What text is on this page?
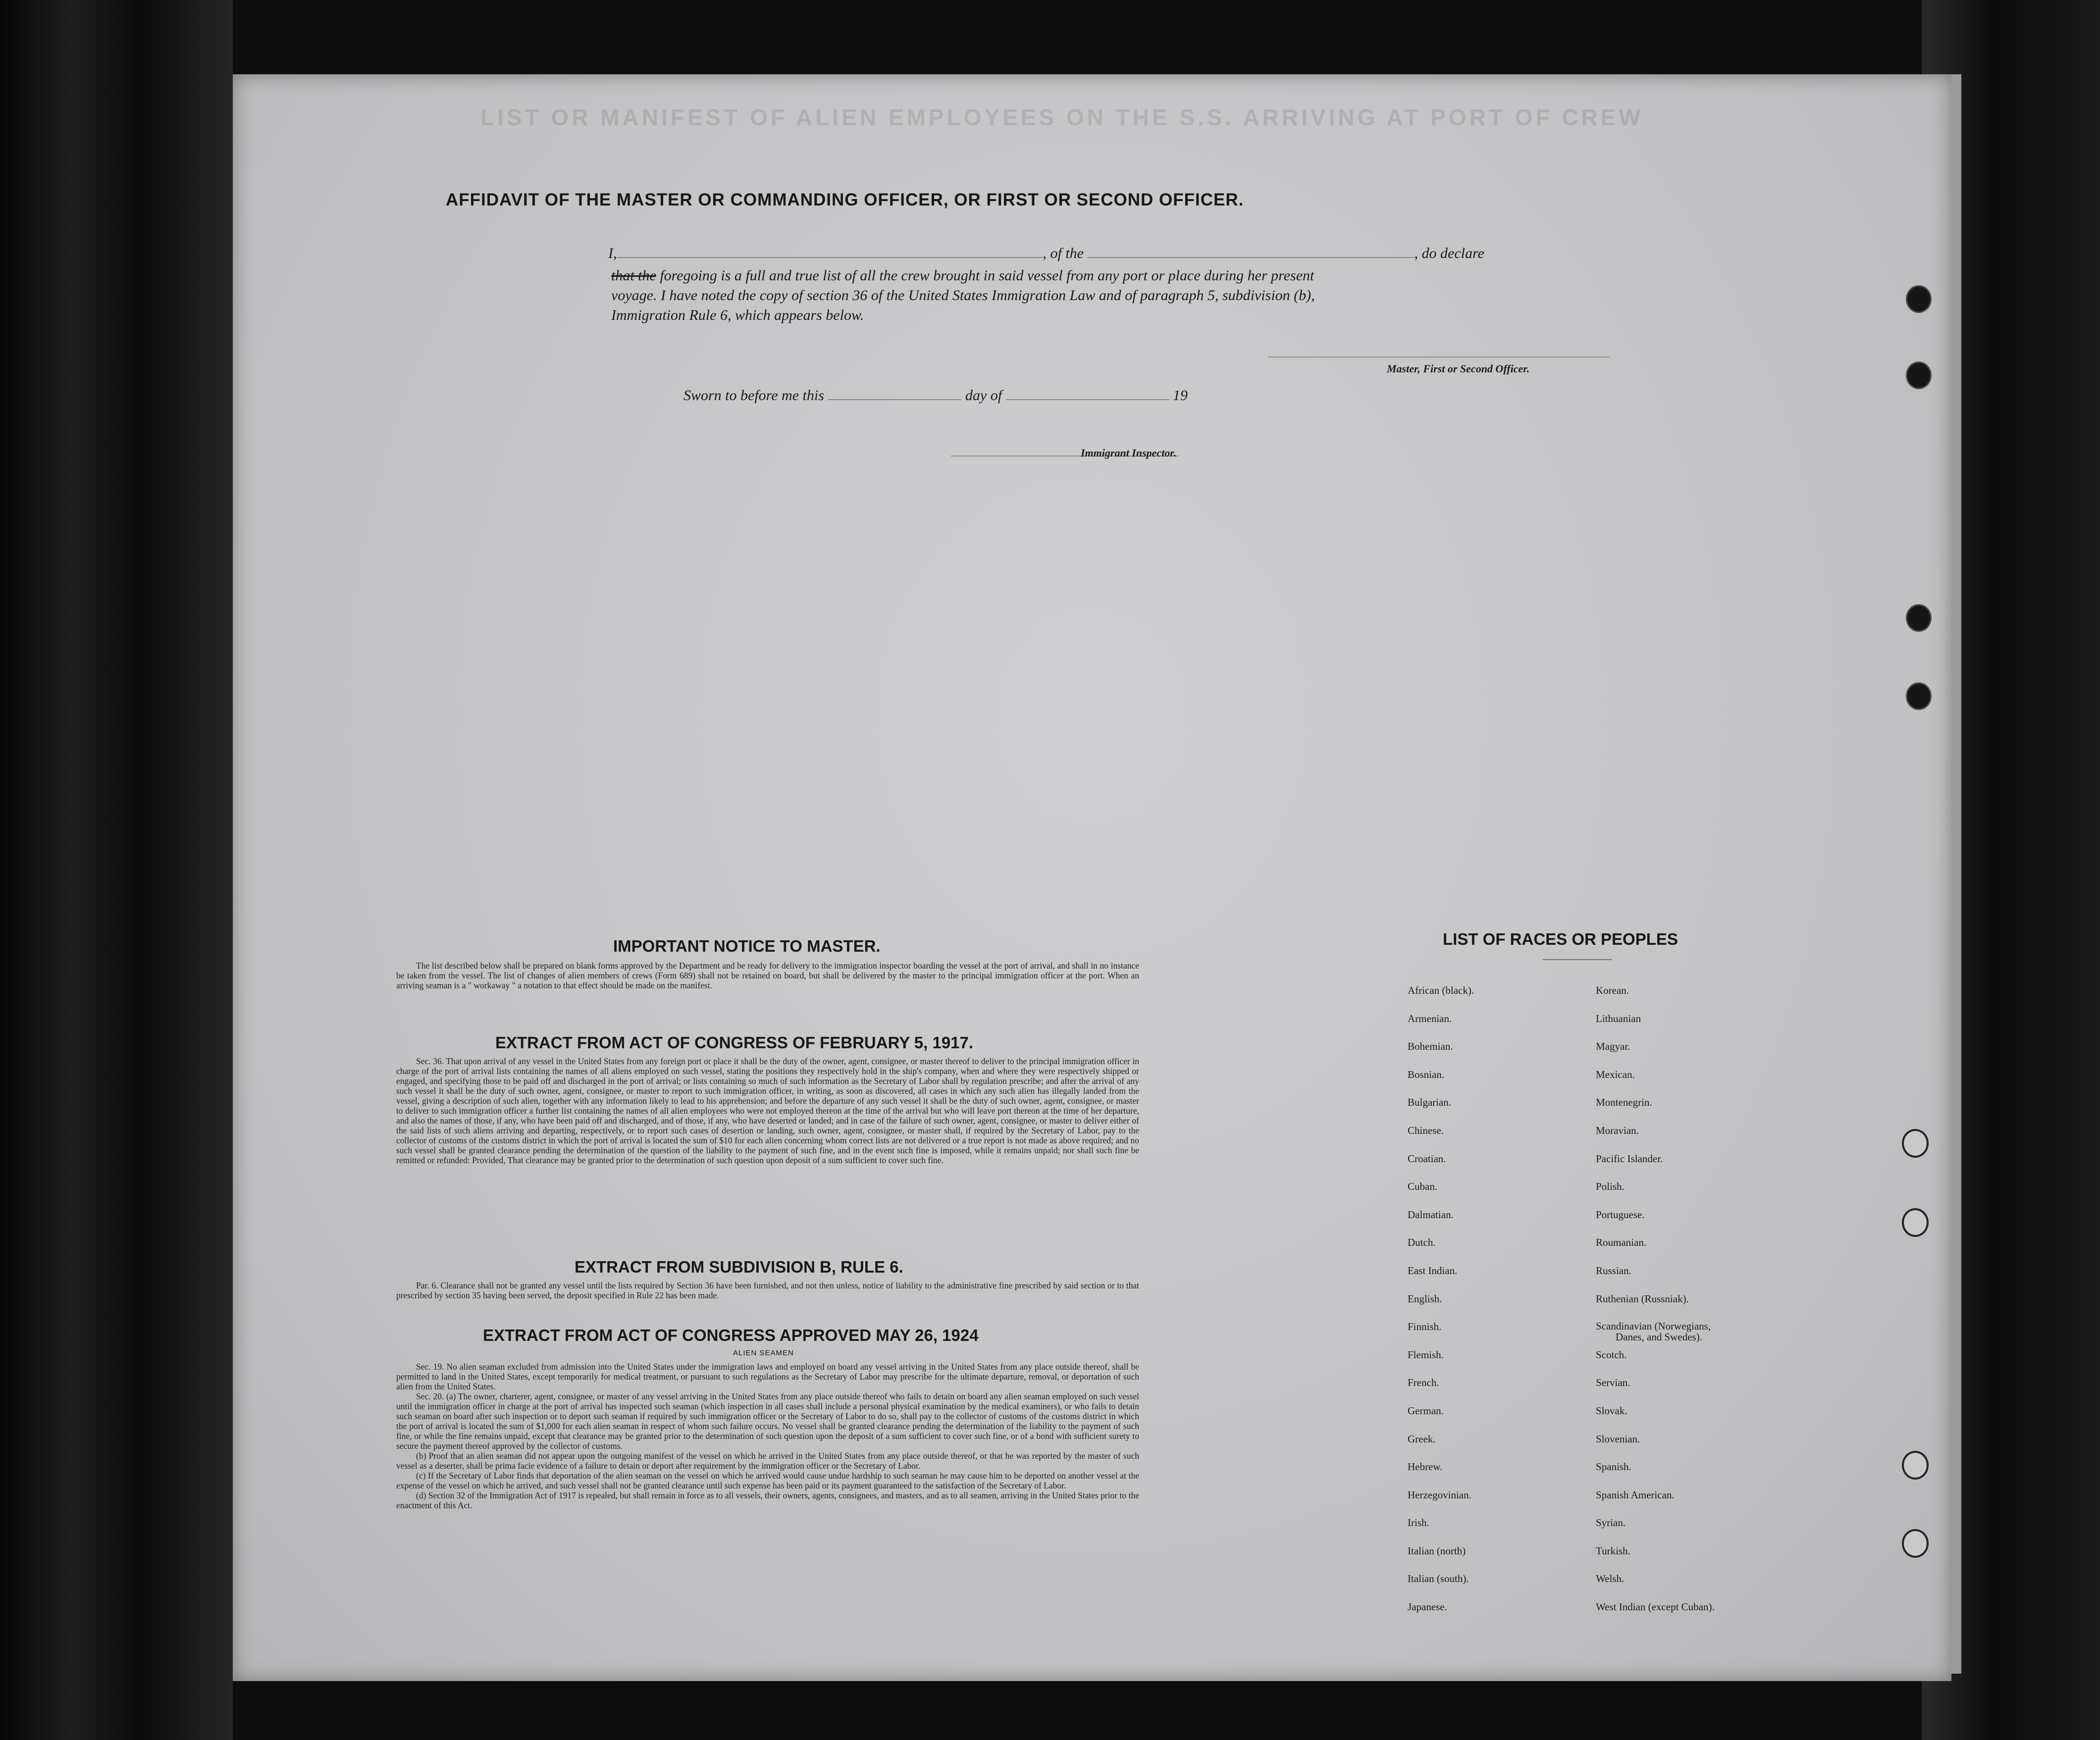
LIST OR MANIFEST OF ALIEN EMPLOYEES ON THE S.S. ARRIVING AT PORT OF CREW
AFFIDAVIT OF THE MASTER OR COMMANDING OFFICER, OR FIRST OR SECOND OFFICER.
I,	, of the	, do declare
that the foregoing is a full and true list of all the crew brought in said vessel from any port or place during her present
voyage. I have noted the copy of section 36 of the United States Immigration Law and of paragraph 5, subdivision (b),
Immigration Rule 6, which appears below.
Master, First or Second Officer.
Sworn to before me this	day of	19
Immigrant Inspector.
IMPORTANT NOTICE TO MASTER.

The list described below shall be prepared on blank forms approved by the Department and be ready for delivery to the immigration inspector boarding the vessel at the port of arrival, and shall in no instance be taken from the vessel. The list of changes of alien members of crews (Form 689) shall not be retained on board, but shall be delivered by the master to the principal immigration officer at the port. When an arriving seaman is a " workaway " a notation to that effect should be made on the manifest.

EXTRACT FROM ACT OF CONGRESS OF FEBRUARY 5, 1917.

Sec. 36. That upon arrival of any vessel in the United States from any foreign port or place it shall be the duty of the owner, agent, consignee, or master thereof to deliver to the principal immigration officer in charge of the port of arrival lists containing the names of all aliens employed on such vessel, stating the positions they respectively hold in the ship's company, when and where they were respectively shipped or engaged, and specifying those to be paid off and discharged in the port of arrival; or lists containing so much of such information as the Secretary of Labor shall by regulation prescribe; and after the arrival of any such vessel it shall be the duty of such owner, agent, consignee, or master to report to such immigration officer, in writing, as soon as discovered, all cases in which any such alien has illegally landed from the vessel, giving a description of such alien, together with any information likely to lead to his apprehension; and before the departure of any such vessel it shall be the duty of such owner, agent, consignee, or master to deliver to such immigration officer a further list containing the names of all alien employees who were not employed thereon at the time of the arrival but who will leave port thereon at the time of her departure, and also the names of those, if any, who have been paid off and discharged, and of those, if any, who have deserted or landed; and in case of the failure of such owner, agent, consignee, or master to deliver either of the said lists of such aliens arriving and departing, respectively, or to report such cases of desertion or landing, such owner, agent, consignee, or master shall, if required by the Secretary of Labor, pay to the collector of customs of the customs district in which the port of arrival is located the sum of $10 for each alien concerning whom correct lists are not delivered or a true report is not made as above required; and no such vessel shall be granted clearance pending the determination of the question of the liability to the payment of such fine, and in the event such fine is imposed, while it remains unpaid; nor shall such fine be remitted or refunded: Provided, That clearance may be granted prior to the determination of such question upon deposit of a sum sufficient to cover such fine.

EXTRACT FROM SUBDIVISION B, RULE 6.

Par. 6. Clearance shall not be granted any vessel until the lists required by Section 36 have been furnished, and not then unless, notice of liability to the administrative fine prescribed by said section or to that prescribed by section 35 having been served, the deposit specified in Rule 22 has been made.

EXTRACT FROM ACT OF CONGRESS APPROVED MAY 26, 1924
ALIEN SEAMEN

Sec. 19. No alien seaman excluded from admission into the United States under the immigration laws and employed on board any vessel arriving in the United States from any place outside thereof, shall be permitted to land in the United States, except temporarily for medical treatment, or pursuant to such regulations as the Secretary of Labor may prescribe for the ultimate departure, removal, or deportation of such alien from the United States.

Sec. 20. (a) The owner, charterer, agent, consignee, or master of any vessel arriving in the United States from any place outside thereof who fails to detain on board any alien seaman employed on such vessel until the immigration officer in charge at the port of arrival has inspected such seaman (which inspection in all cases shall include a personal physical examination by the medical examiners), or who fails to detain such seaman on board after such inspection or to deport such seaman if required by such immigration officer or the Secretary of Labor to do so, shall pay to the collector of customs of the customs district in which the port of arrival is located the sum of $1,000 for each alien seaman in respect of whom such failure occurs. No vessel shall be granted clearance pending the determination of the liability to the payment of such fine, or while the fine remains unpaid, except that clearance may be granted prior to the determination of such question upon the deposit of a sum sufficient to cover such fine, or of a bond with sufficient surety to secure the payment thereof approved by the collector of customs.

(b) Proof that an alien seaman did not appear upon the outgoing manifest of the vessel on which he arrived in the United States from any place outside thereof, or that he was reported by the master of such vessel as a deserter, shall be prima facie evidence of a failure to detain or deport after requirement by the immigration officer or the Secretary of Labor.

(c) If the Secretary of Labor finds that deportation of the alien seaman on the vessel on which he arrived would cause undue hardship to such seaman he may cause him to be deported on another vessel at the expense of the vessel on which he arrived, and such vessel shall not be granted clearance until such expense has been paid or its payment guaranteed to the satisfaction of the Secretary of Labor.

(d) Section 32 of the Immigration Act of 1917 is repealed, but shall remain in force as to all vessels, their owners, agents, consignees, and masters, and as to all seamen, arriving in the United States prior to the enactment of this Act.

LIST OF RACES OR PEOPLES
African (black).
Armenian.
Bohemian.
Bosnian.
Bulgarian.
Chinese.
Croatian.
Cuban.
Dalmatian.
Dutch.
East Indian.
English.
Finnish.
Flemish.
French.
German.
Greek.
Hebrew.
Herzegovinian.
Irish.
Italian (north)
Italian (south).
Japanese.
Korean.
Lithuanian
Magyar.
Mexican.
Montenegrin.
Moravian.
Pacific Islander.
Polish.
Portuguese.
Roumanian.
Russian.
Ruthenian (Russniak).
Scandinavian (Norwegians,
Danes, and Swedes).
Scotch.
Servian.
Slovak.
Slovenian.
Spanish.
Spanish American.
Syrian.
Turkish.
Welsh.
West Indian (except Cuban).
